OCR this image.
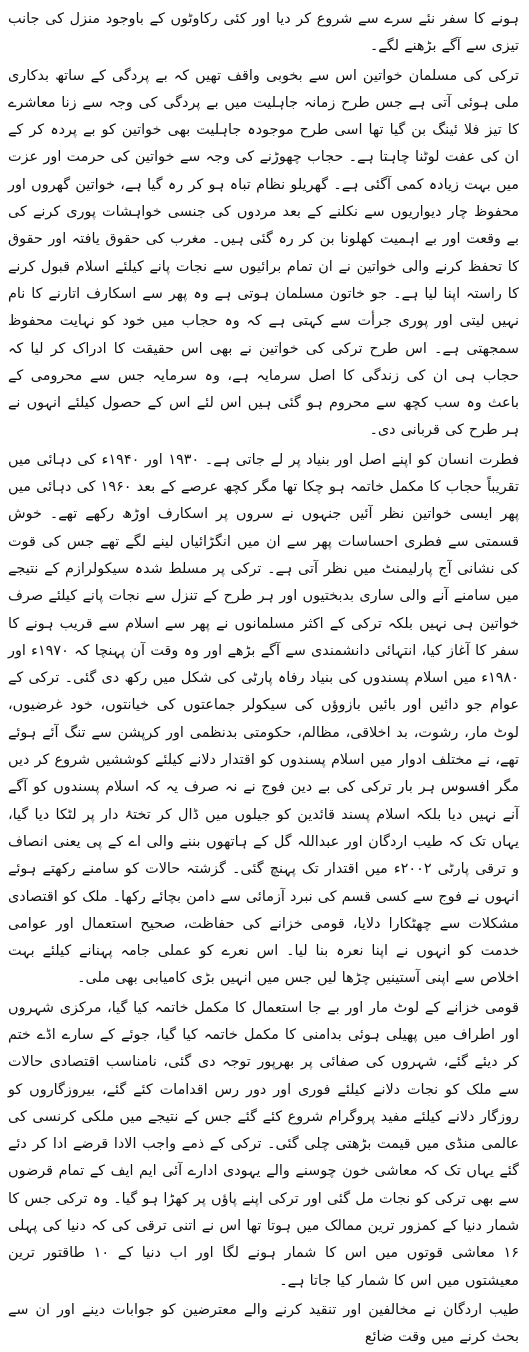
ہونے کا سفر نئے سرے سے شروع کر دیا اور کئی رکاوٹوں کے باوجود منزل کی جانب تیزی سے آگے بڑھنے لگے۔

ترکی کی مسلمان خواتین اس سے بخوبی واقف تھیں کہ بے پردگی کے ساتھ بدکاری ملی ہوئی آتی ہے جس طرح زمانہ جاہلیت میں بے پردگی کی وجہ سے زنا معاشرے کا تیز فلا ئینگ بن گیا تھا اسی طرح موجودہ جاہلیت بھی خواتین کو بے پردہ کر کے ان کی عفت لوٹنا چاہتا ہے۔ حجاب چھوڑنے کی وجہ سے خواتین کی حرمت اور عزت میں بہت زیادہ کمی آگئی ہے۔ گھریلو نظام تباہ ہو کر رہ گیا ہے، خواتین گھروں اور محفوظ چار دیواریوں سے نکلنے کے بعد مردوں کی جنسی خواہشات پوری کرنے کی بے وقعت اور بے اہمیت کھلونا بن کر رہ گئی ہیں۔ مغرب کی حقوق یافتہ اور حقوق کا تحفظ کرنے والی خواتین نے ان تمام برائیوں سے نجات پانے کیلئے اسلام قبول کرنے کا راستہ اپنا لیا ہے۔ جو خاتون مسلمان ہوتی ہے وہ پھر سے اسکارف اتارنے کا نام نہیں لیتی اور پوری جرأت سے کہتی ہے کہ وہ حجاب میں خود کو نہایت محفوظ سمجھتی ہے۔ اس طرح ترکی کی خواتین نے بھی اس حقیقت کا ادراک کر لیا کہ حجاب ہی ان کی زندگی کا اصل سرمایہ ہے، وہ سرمایہ جس سے محرومی کے باعث وہ سب کچھ سے محروم ہو گئی ہیں اس لئے اس کے حصول کیلئے انہوں نے ہر طرح کی قربانی دی۔

فطرت انسان کو اپنے اصل اور بنیاد پر لے جاتی ہے۔ ۱۹۳۰ اور ۱۹۴۰ء کی دہائی میں تقریباً حجاب کا مکمل خاتمہ ہو چکا تھا مگر کچھ عرصے کے بعد ۱۹۶۰ کی دہائی میں پھر ایسی خواتین نظر آئیں جنہوں نے سروں پر اسکارف اوڑھ رکھے تھے۔ خوش قسمتی سے فطری احساسات پھر سے ان میں انگڑائیاں لینے لگے تھے جس کی قوت کی نشانی آج پارلیمنٹ میں نظر آتی ہے۔ ترکی پر مسلط شدہ سیکولرازم کے نتیجے میں سامنے آنے والی ساری بدبختیوں اور ہر طرح کے تنزل سے نجات پانے کیلئے صرف خواتین ہی نہیں بلکہ ترکی کے اکثر مسلمانوں نے پھر سے اسلام سے قریب ہونے کا سفر کا آغاز کیا، انتہائی دانشمندی سے آگے بڑھے اور وہ وقت آن پہنچا کہ ۱۹۷۰ء اور ۱۹۸۰ء میں اسلام پسندوں کی بنیاد رفاہ پارٹی کی شکل میں رکھ دی گئی۔ ترکی کے عوام جو دائیں اور بائیں بازوؤں کی سیکولر جماعتوں کی خیانتوں، خود غرضیوں، لوٹ مار، رشوت، بد اخلاقی، مظالم، حکومتی بدنظمی اور کرپشن سے تنگ آئے ہوئے تھے، نے مختلف ادوار میں اسلام پسندوں کو اقتدار دلانے کیلئے کوششیں شروع کر دیں مگر افسوس ہر بار ترکی کی بے دین فوج نے نہ صرف یہ کہ اسلام پسندوں کو آگے آنے نہیں دیا بلکہ اسلام پسند قائدین کو جیلوں میں ڈال کر تختۂ دار پر لٹکا دیا گیا، یہاں تک کہ طیب اردگان اور عبداللہ گل کے ہاتھوں بننے والی اے کے پی یعنی انصاف و ترقی پارٹی ۲۰۰۲ء میں اقتدار تک پہنچ گئی۔ گزشتہ حالات کو سامنے رکھتے ہوئے انہوں نے فوج سے کسی قسم کی نبرد آزمائی سے دامن بچائے رکھا۔ ملک کو اقتصادی مشکلات سے چھٹکارا دلایا، قومی خزانے کی حفاظت، صحیح استعمال اور عوامی خدمت کو انہوں نے اپنا نعرہ بنا لیا۔ اس نعرے کو عملی جامہ پہنانے کیلئے بہت اخلاص سے اپنی آستینیں چڑھا لیں جس میں انہیں بڑی کامیابی بھی ملی۔

قومی خزانے کے لوٹ مار اور بے جا استعمال کا مکمل خاتمہ کیا گیا، مرکزی شہروں اور اطراف میں پھیلی ہوئی بدامنی کا مکمل خاتمہ کیا گیا، جوئے کے سارے اڈے ختم کر دیئے گئے، شہروں کی صفائی پر بھرپور توجہ دی گئی، نامناسب اقتصادی حالات سے ملک کو نجات دلانے کیلئے فوری اور دور رس اقدامات کئے گئے، بیروزگاروں کو روزگار دلانے کیلئے مفید پروگرام شروع کئے گئے جس کے نتیجے میں ملکی کرنسی کی عالمی منڈی میں قیمت بڑھتی چلی گئی۔ ترکی کے ذمے واجب الادا قرضے ادا کر دئے گئے یہاں تک کہ معاشی خون چوسنے والے یہودی ادارے آئی ایم ایف کے تمام قرضوں سے بھی ترکی کو نجات مل گئی اور ترکی اپنے پاؤں پر کھڑا ہو گیا۔ وہ ترکی جس کا شمار دنیا کے کمزور ترین ممالک میں ہوتا تھا اس نے اتنی ترقی کی کہ دنیا کی پہلی ۱۶ معاشی قوتوں میں اس کا شمار ہونے لگا اور اب دنیا کے ۱۰ طاقتور ترین معیشتوں میں اس کا شمار کیا جاتا ہے۔

طیب اردگان نے مخالفین اور تنقید کرنے والے معترضین کو جوابات دینے اور ان سے بحث کرنے میں وقت ضائع
